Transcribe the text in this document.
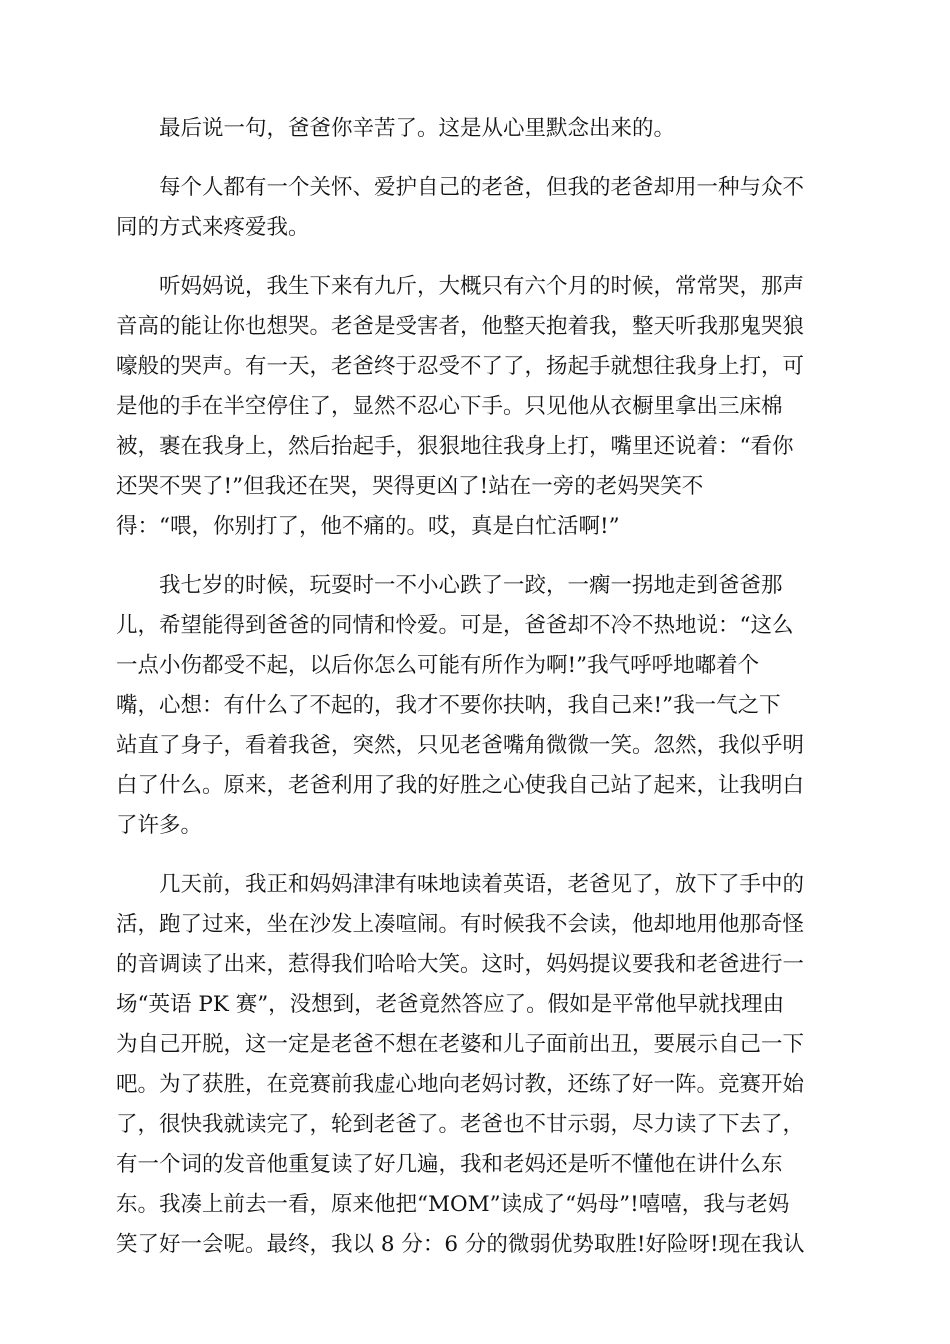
　　最后说一句，爸爸你辛苦了。这是从心里默念出来的。

　　每个人都有一个关怀、爱护自己的老爸，但我的老爸却用一种与众不
同的方式来疼爱我。

　　听妈妈说，我生下来有九斤，大概只有六个月的时候，常常哭，那声
音高的能让你也想哭。老爸是受害者，他整天抱着我，整天听我那鬼哭狼
嚎般的哭声。有一天，老爸终于忍受不了了，扬起手就想往我身上打，可
是他的手在半空停住了，显然不忍心下手。只见他从衣橱里拿出三床棉
被，裹在我身上，然后抬起手，狠狠地往我身上打，嘴里还说着：“看你
还哭不哭了!”但我还在哭，哭得更凶了!站在一旁的老妈哭笑不
得：“喂，你别打了，他不痛的。哎，真是白忙活啊!”

　　我七岁的时候，玩耍时一不小心跌了一跤，一瘸一拐地走到爸爸那
儿，希望能得到爸爸的同情和怜爱。可是，爸爸却不冷不热地说：“这么
一点小伤都受不起，以后你怎么可能有所作为啊!”我气呼呼地嘟着个
嘴，心想：有什么了不起的，我才不要你扶呐，我自己来!”我一气之下
站直了身子，看着我爸，突然，只见老爸嘴角微微一笑。忽然，我似乎明
白了什么。原来，老爸利用了我的好胜之心使我自己站了起来，让我明白
了许多。

　　几天前，我正和妈妈津津有味地读着英语，老爸见了，放下了手中的
活，跑了过来，坐在沙发上凑喧闹。有时候我不会读，他却地用他那奇怪
的音调读了出来，惹得我们哈哈大笑。这时，妈妈提议要我和老爸进行一
场“英语 PK 赛”，没想到，老爸竟然答应了。假如是平常他早就找理由
为自己开脱，这一定是老爸不想在老婆和儿子面前出丑，要展示自己一下
吧。为了获胜，在竞赛前我虚心地向老妈讨教，还练了好一阵。竞赛开始
了，很快我就读完了，轮到老爸了。老爸也不甘示弱，尽力读了下去了，
有一个词的发音他重复读了好几遍，我和老妈还是听不懂他在讲什么东
东。我凑上前去一看，原来他把“MOM”读成了“妈母”!嘻嘻，我与老妈
笑了好一会呢。最终，我以 8 分：6 分的微弱优势取胜!好险呀!现在我认
